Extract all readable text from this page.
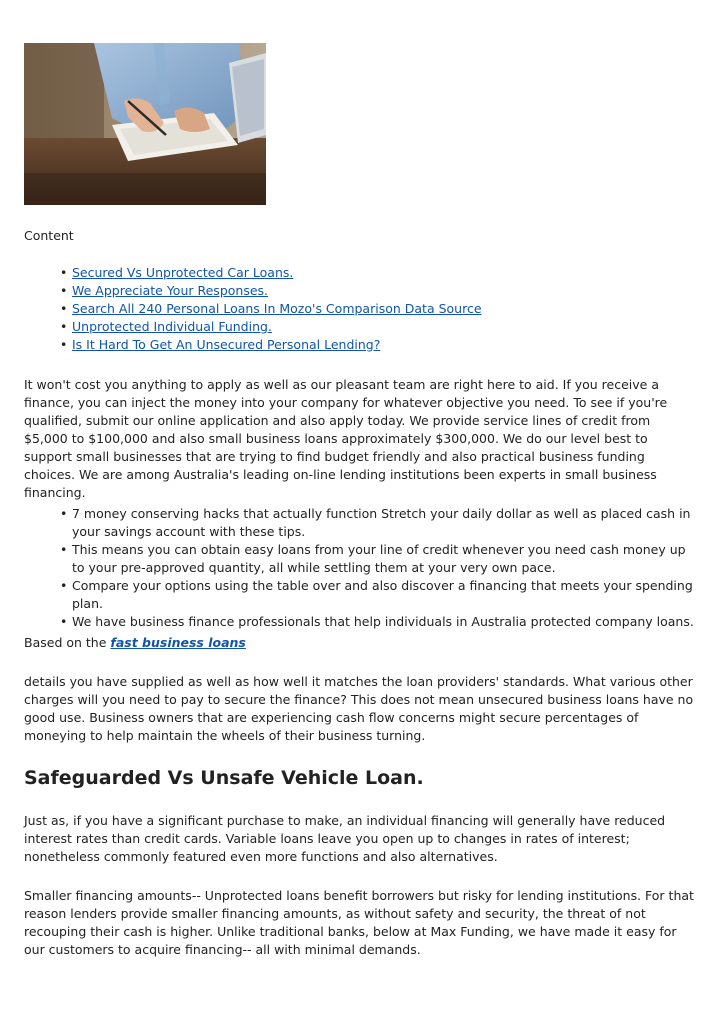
Content

• Secured Vs Unprotected Car Loans.
• We Appreciate Your Responses.
• Search All 240 Personal Loans In Mozo's Comparison Data Source
• Unprotected Individual Funding.
• Is It Hard To Get An Unsecured Personal Lending?

It won't cost you anything to apply as well as our pleasant team are right here to aid. If you receive a finance, you can inject the money into your company for whatever objective you need. To see if you're qualified, submit our online application and also apply today. We provide service lines of credit from $5,000 to $100,000 and also small business loans approximately $300,000. We do our level best to support small businesses that are trying to find budget friendly and also practical business funding choices. We are among Australia's leading on-line lending institutions been experts in small business financing.

• 7 money conserving hacks that actually function Stretch your daily dollar as well as placed cash in your savings account with these tips.
• This means you can obtain easy loans from your line of credit whenever you need cash money up to your pre-approved quantity, all while settling them at your very own pace.
• Compare your options using the table over and also discover a financing that meets your spending plan.
• We have business finance professionals that help individuals in Australia protected company loans.

Based on the fast business loans

details you have supplied as well as how well it matches the loan providers' standards. What various other charges will you need to pay to secure the finance? This does not mean unsecured business loans have no good use. Business owners that are experiencing cash flow concerns might secure percentages of moneying to help maintain the wheels of their business turning.

Safeguarded Vs Unsafe Vehicle Loan.

Just as, if you have a significant purchase to make, an individual financing will generally have reduced interest rates than credit cards. Variable loans leave you open up to changes in rates of interest; nonetheless commonly featured even more functions and also alternatives.

Smaller financing amounts-- Unprotected loans benefit borrowers but risky for lending institutions. For that reason lenders provide smaller financing amounts, as without safety and security, the threat of not recouping their cash is higher. Unlike traditional banks, below at Max Funding, we have made it easy for our customers to acquire financing-- all with minimal demands.
